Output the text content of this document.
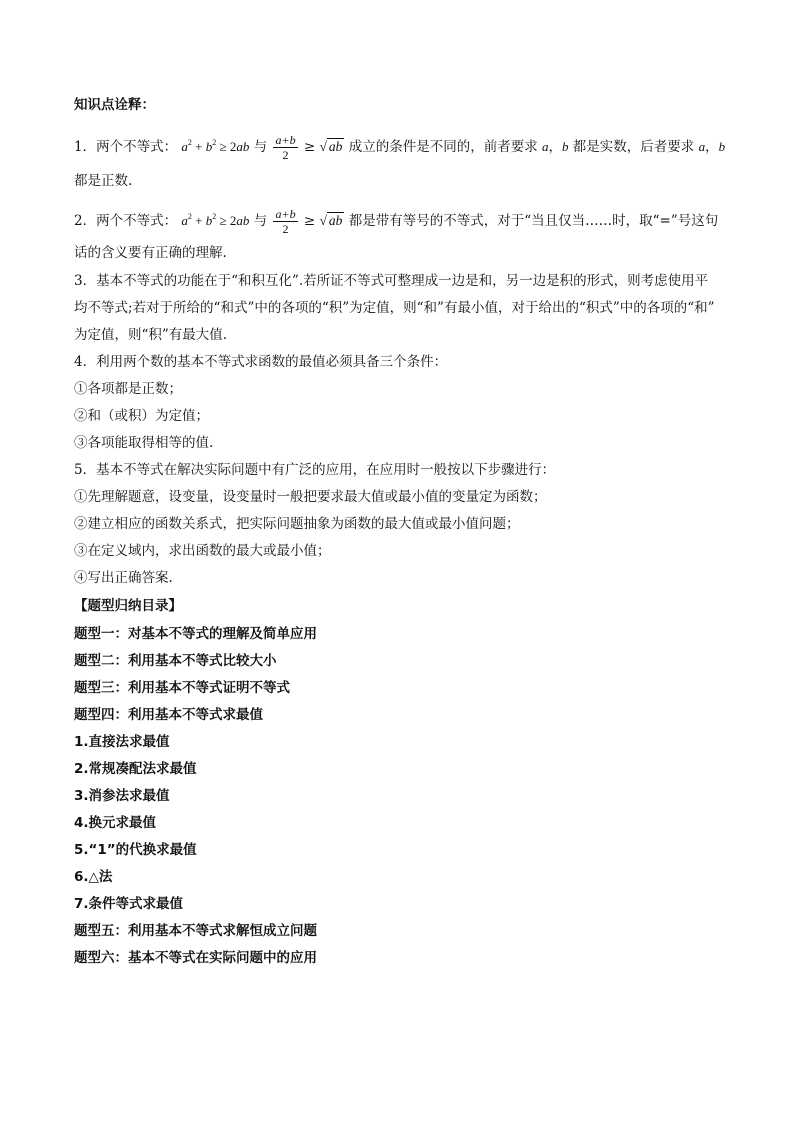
知识点诠释：
1．两个不等式： $a^2 + b^2 \ge 2ab$ 与 $\frac{a+b}{2}$ ≥ √ ab 成立的条件是不同的，前者要求 a，b 都是实数，后者要求 a，b
都是正数.
2．两个不等式： $a^2 + b^2 \ge 2ab$ 与 $\frac{a+b}{2}$ ≥ √ ab 都是带有等号的不等式，对于“当且仅当……时，取“=”号这句
话的含义要有正确的理解.
3．基本不等式的功能在于“和积互化”.若所证不等式可整理成一边是和，另一边是积的形式，则考虑使用平
均不等式;若对于所给的“和式”中的各项的“积”为定值，则“和”有最小值，对于给出的“积式”中的各项的“和”
为定值，则“积”有最大值.
4．利用两个数的基本不等式求函数的最值必须具备三个条件：
①各项都是正数；
②和（或积）为定值；
③各项能取得相等的值.
5．基本不等式在解决实际问题中有广泛的应用，在应用时一般按以下步骤进行：
①先理解题意，设变量，设变量时一般把要求最大值或最小值的变量定为函数；
②建立相应的函数关系式，把实际问题抽象为函数的最大值或最小值问题；
③在定义域内，求出函数的最大或最小值；
④写出正确答案.
【题型归纳目录】
题型一：对基本不等式的理解及简单应用
题型二：利用基本不等式比较大小
题型三：利用基本不等式证明不等式
题型四：利用基本不等式求最值
1.直接法求最值
2.常规凑配法求最值
3.消参法求最值
4.换元求最值
5.“1”的代换求最值
6.△法
7.条件等式求最值
题型五：利用基本不等式求解恒成立问题
题型六：基本不等式在实际问题中的应用
